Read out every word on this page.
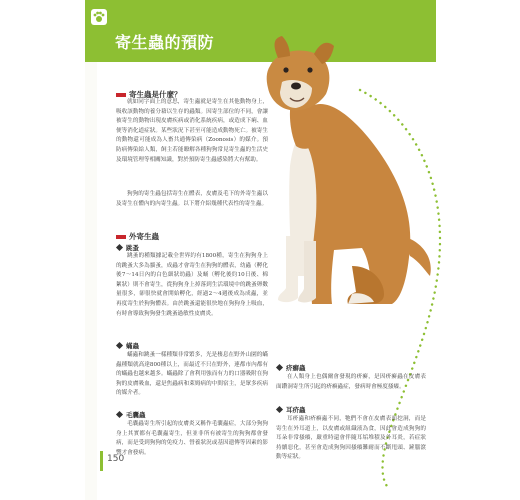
寄生蟲的預防
寄生蟲是什麼？

就如同字面上的意思，寄生蟲就是寄生在其他動物身上，吸收該動物的養分藉以生存的蟲類。因寄生部位的不同，會讓被寄生的動物出現皮膚疾病或消化系統疾病，或造成下痢、血便等消化道症狀。某些狀況下甚至可能造成動物死亡。被寄生的動物還可能成為人畜共通傳染病（Zoonosis）的媒介。預防病傳染給人類，飼主若能瞭解各種狗狗常見寄生蟲的生活史及環境管理等相關知識，對於預防寄生蟲感染將大有幫助。

狗狗的寄生蟲包括寄生在體表，皮膚及毛下的外寄生蟲以及寄生在體內的內寄生蟲。以下將介紹幾種代表性的寄生蟲。

外寄生蟲
跳蚤

跳蚤的種類據記載全世界約有1800種，寄生在狗狗身上的跳蚤大多為貓蚤，成蟲才會寄生在狗狗的體表，幼蟲（孵化後7～14日內的白色細狀幼蟲）及蛹（孵化後約10日後、棉絮狀）則不會寄生，從狗狗身上掉落到生活環境中的跳蚤卵數量很多，卻很快就會開始孵化，經過2～4週後成為成蟲，並再度寄生於狗狗體表。由於跳蚤還能很快地在狗狗身上吸血，有時會導致狗狗發生跳蚤過敏性皮膚炎。

蟎蟲

蟎蟲和跳蚤一樣種類非常繁多，光是棲息在野外山園的蟎蟲種類就高達800種以上，而最近不只在野外，連都市內都有的蟎蟲也越來越多。蟎蟲除了會利用強而有力的口器吸附在狗狗的皮膚吸血，還是焦蟲病和萊姆病的中間宿主，是眾多疾病的媒介者。

毛囊蟲

毛囊蟲寄生所引起的皮膚炎又稱作毛囊蟲症，大部分狗狗身上其實都有毛囊蟲寄生，但並非所有被寄生的狗狗都會發病，而是受到狗狗的免疫力、營養狀況或基因遺傳等因素的影響才會發病。

疥癬蟲

在人類身上也偶爾會發現的疥癬，是因疥癬蟲在皮膚表面鑽洞寄生所引起的疥癬蟲症，發病時會極度搔癢。

耳疥蟲

耳疥蟲和疥癬蟲不同，牠們不會在皮膚表面挖洞，而是寄生在外耳道上，以皮膚或組織液為食，因此會造成狗狗的耳朵非常搔癢，嚴重時還會伴隨耳垢堆積及外耳炎，若症狀持續惡化，甚至會造成狗狗因搔癢難耐而不斷甩頭、鏟腦滾動等症狀。

150
